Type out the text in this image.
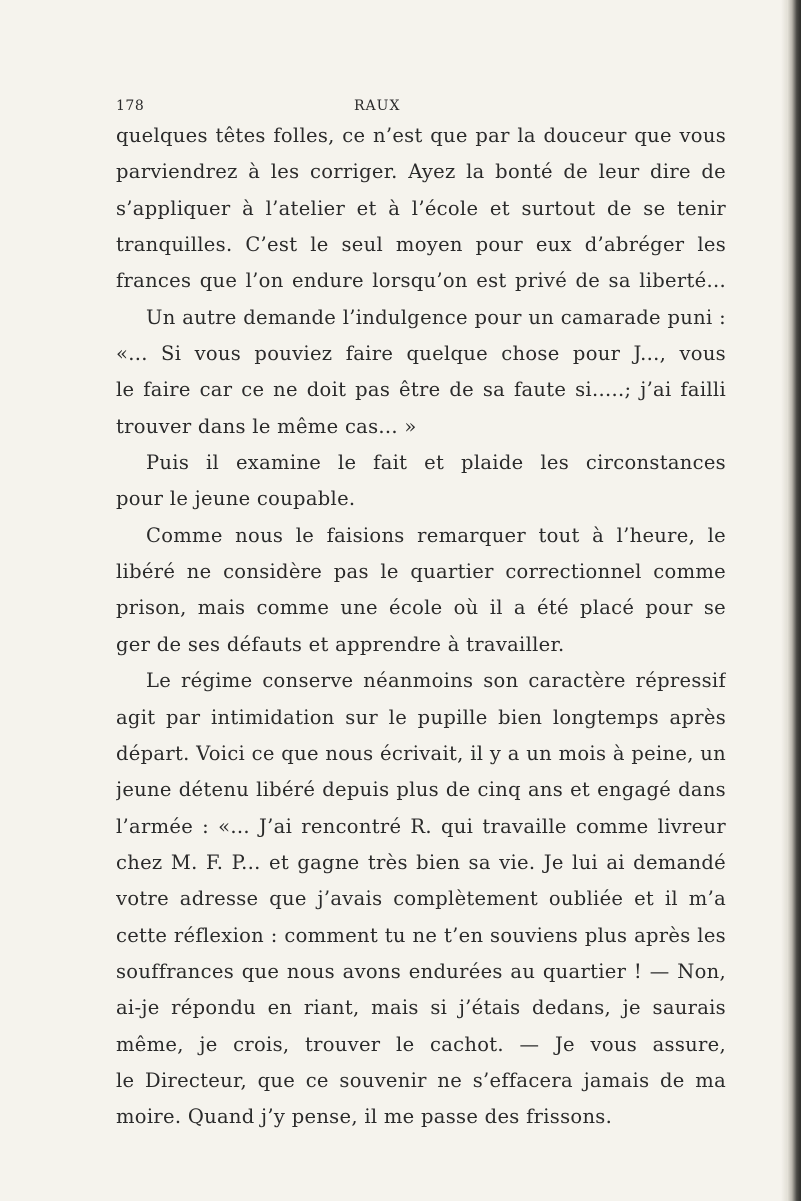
178	RAUX
quelques têtes folles, ce n’est que par la douceur que vous
parviendrez à les corriger. Ayez la bonté de leur dire de
s’appliquer à l’atelier et à l’école et surtout de se tenir
tranquilles. C’est le seul moyen pour eux d’abréger les
frances que l’on endure lorsqu’on est privé de sa liberté...
Un autre demande l’indulgence pour un camarade puni :
«... Si vous pouviez faire quelque chose pour J..., vous
le faire car ce ne doit pas être de sa faute si.....; j’ai failli
trouver dans le même cas... »
Puis il examine le fait et plaide les circonstances
pour le jeune coupable.
Comme nous le faisions remarquer tout à l’heure, le
libéré ne considère pas le quartier correctionnel comme
prison, mais comme une école où il a été placé pour se
ger de ses défauts et apprendre à travailler.
Le régime conserve néanmoins son caractère répressif
agit par intimidation sur le pupille bien longtemps après
départ. Voici ce que nous écrivait, il y a un mois à peine, un
jeune détenu libéré depuis plus de cinq ans et engagé dans
l’armée : «... J’ai rencontré R. qui travaille comme livreur
chez M. F. P... et gagne très bien sa vie. Je lui ai demandé
votre adresse que j’avais complètement oubliée et il m’a
cette réflexion : comment tu ne t’en souviens plus après les
souffrances que nous avons endurées au quartier ! — Non,
ai-je répondu en riant, mais si j’étais dedans, je saurais
même, je crois, trouver le cachot. — Je vous assure,
le Directeur, que ce souvenir ne s’effacera jamais de ma
moire. Quand j’y pense, il me passe des frissons.
